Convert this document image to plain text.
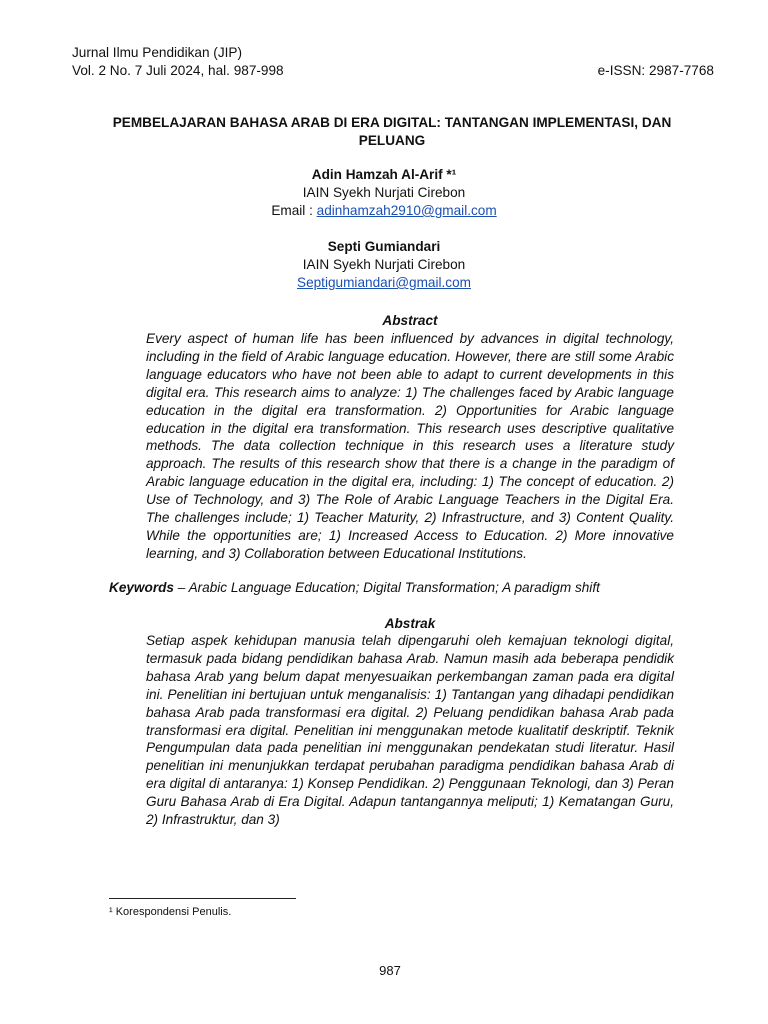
Jurnal Ilmu Pendidikan (JIP)
Vol. 2 No. 7 Juli 2024, hal. 987-998	e-ISSN: 2987-7768
PEMBELAJARAN BAHASA ARAB DI ERA DIGITAL: TANTANGAN IMPLEMENTASI, DAN PELUANG
Adin Hamzah Al-Arif *¹
IAIN Syekh Nurjati Cirebon
Email : adinhamzah2910@gmail.com
Septi Gumiandari
IAIN Syekh Nurjati Cirebon
Septigumiandari@gmail.com
Abstract
Every aspect of human life has been influenced by advances in digital technology, including in the field of Arabic language education. However, there are still some Arabic language educators who have not been able to adapt to current developments in this digital era. This research aims to analyze: 1) The challenges faced by Arabic language education in the digital era transformation. 2) Opportunities for Arabic language education in the digital era transformation. This research uses descriptive qualitative methods. The data collection technique in this research uses a literature study approach. The results of this research show that there is a change in the paradigm of Arabic language education in the digital era, including: 1) The concept of education. 2) Use of Technology, and 3) The Role of Arabic Language Teachers in the Digital Era. The challenges include; 1) Teacher Maturity, 2) Infrastructure, and 3) Content Quality. While the opportunities are; 1) Increased Access to Education. 2) More innovative learning, and 3) Collaboration between Educational Institutions.
Keywords – Arabic Language Education; Digital Transformation; A paradigm shift
Abstrak
Setiap aspek kehidupan manusia telah dipengaruhi oleh kemajuan teknologi digital, termasuk pada bidang pendidikan bahasa Arab. Namun masih ada beberapa pendidik bahasa Arab yang belum dapat menyesuaikan perkembangan zaman pada era digital ini. Penelitian ini bertujuan untuk menganalisis: 1) Tantangan yang dihadapi pendidikan bahasa Arab pada transformasi era digital. 2) Peluang pendidikan bahasa Arab pada transformasi era digital. Penelitian ini menggunakan metode kualitatif deskriptif. Teknik Pengumpulan data pada penelitian ini menggunakan pendekatan studi literatur. Hasil penelitian ini menunjukkan terdapat perubahan paradigma pendidikan bahasa Arab di era digital di antaranya: 1) Konsep Pendidikan. 2) Penggunaan Teknologi, dan 3) Peran Guru Bahasa Arab di Era Digital. Adapun tantangannya meliputi; 1) Kematangan Guru, 2) Infrastruktur, dan 3)
¹ Korespondensi Penulis.
987
